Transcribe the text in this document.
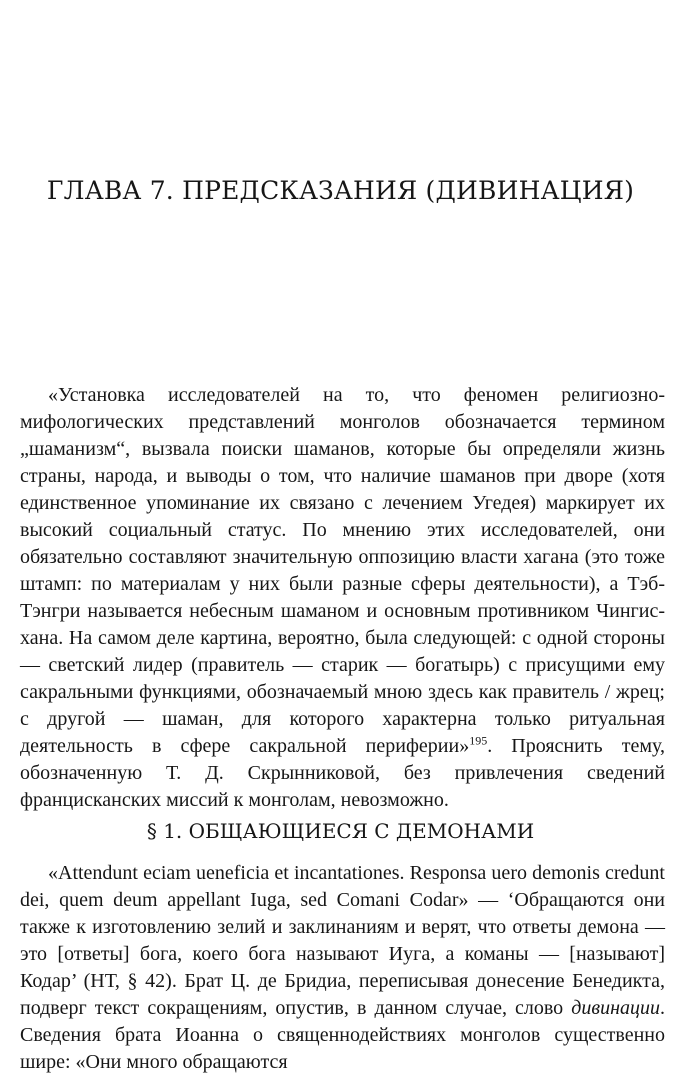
ГЛАВА 7. ПРЕДСКАЗАНИЯ (ДИВИНАЦИЯ)

«Установка исследователей на то, что феномен религиозно-мифологических представлений монголов обозначается термином „шаманизм“, вызвала поиски шаманов, которые бы определяли жизнь страны, народа, и выводы о том, что наличие шаманов при дворе (хотя единственное упоминание их связано с лечением Угедея) маркирует их высокий социальный статус. По мнению этих исследователей, они обязательно составляют значительную оппозицию власти хагана (это тоже штамп: по материалам у них были разные сферы деятельности), а Тэб-Тэнгри называется небесным шаманом и основным противником Чингис-хана. На самом деле картина, вероятно, была следующей: с одной стороны — светский лидер (правитель — старик — богатырь) с присущими ему сакральными функциями, обозначаемый мною здесь как правитель / жрец; с другой — шаман, для которого характерна только ритуальная деятельность в сфере сакральной периферии»$^{195}$. Прояснить тему, обозначенную Т. Д. Скрынниковой, без привлечения сведений францисканских миссий к монголам, невозможно.

§ 1. ОБЩАЮЩИЕСЯ С ДЕМОНАМИ

«Attendunt eciam ueneficia et incantationes. Responsa uero demonis credunt dei, quem deum appellant Iuga, sed Comani Codar» — ‘Обращаются они также к изготовлению зелий и заклинаниям и верят, что ответы демона — это [ответы] бога, коего бога называют Иуга, а команы — [называют] Кодар’ (НТ, § 42). Брат Ц. де Бридиа, переписывая донесение Бенедикта, подверг текст сокращениям, опустив, в данном случае, слово дивинации. Сведения брата Иоанна о священнодействиях монголов существенно шире: «Они много обращаются
